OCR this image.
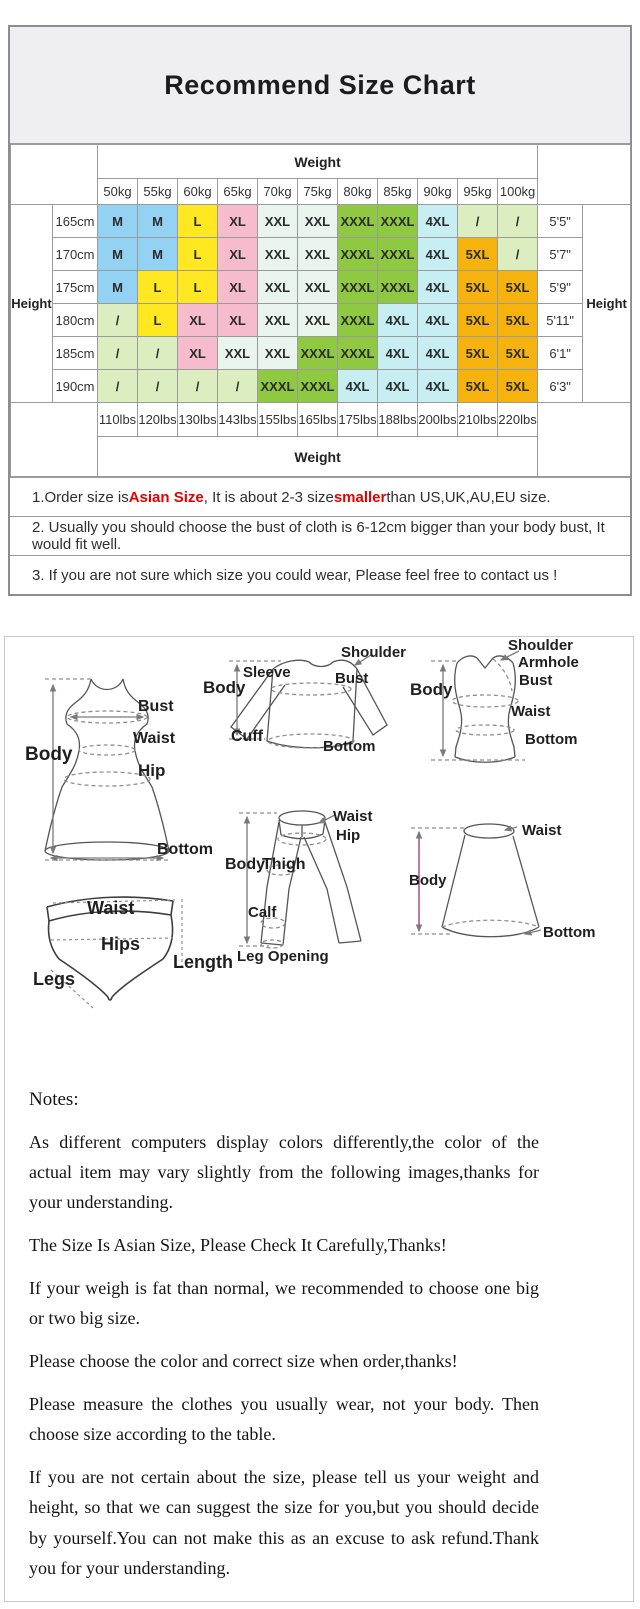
Recommend Size Chart
		Weight												
		50kg	55kg	60kg	65kg	70kg	75kg	80kg	85kg	90kg	95kg	100kg		
Height	165cm	M	M	L	XL	XXL	XXL	XXXL	XXXL	4XL	/	/	5'5"	Height
	170cm	M	M	L	XL	XXL	XXL	XXXL	XXXL	4XL	5XL	/	5'7"	
	175cm	M	L	L	XL	XXL	XXL	XXXL	XXXL	4XL	5XL	5XL	5'9"	
	180cm	/	L	XL	XL	XXL	XXL	XXXL	4XL	4XL	5XL	5XL	5'11"	
	185cm	/	/	XL	XXL	XXL	XXXL	XXXL	4XL	4XL	5XL	5XL	6'1"	
	190cm	/	/	/	/	XXXL	XXXL	4XL	4XL	4XL	5XL	5XL	6'3"	
		110lbs	120lbs	130lbs	143lbs	155lbs	165lbs	175lbs	188lbs	200lbs	210lbs	220lbs		
		Weight												
1.Order size is Asian Size , It is about 2-3 size smaller than US,UK,AU,EU size.
2. Usually you should choose the bust of cloth is 6-12cm bigger than your body bust, It would fit well.
3. If you are not sure which size you could wear, Please feel free to contact us !
Notes:

As different computers display colors differently,the color of the actual item may vary slightly from the following images,thanks for your understanding.

The Size Is Asian Size, Please Check It Carefully,Thanks!

If your weigh is fat than normal, we recommended to choose one big or two big size.

Please choose the color and correct size when order,thanks!

Please measure the clothes you usually wear, not your body. Then choose size according to the table.

If you are not certain about the size, please tell us your weight and height, so that we can suggest the size for you,but you should decide by yourself.You can not make this as an excuse to ask refund.Thank you for your understanding.

Bust
Waist
Body
Hip
Bottom
Shoulder
Sleeve
Body	Bust
Cuff
Bottom
Shoulder
Armhole
Body	Bust
Waist
Bottom
Waist
Hip
Body
Thigh
Calf
Leg Opening
Waist
Hips
Legs
Length
Waist
Body
Bottom
